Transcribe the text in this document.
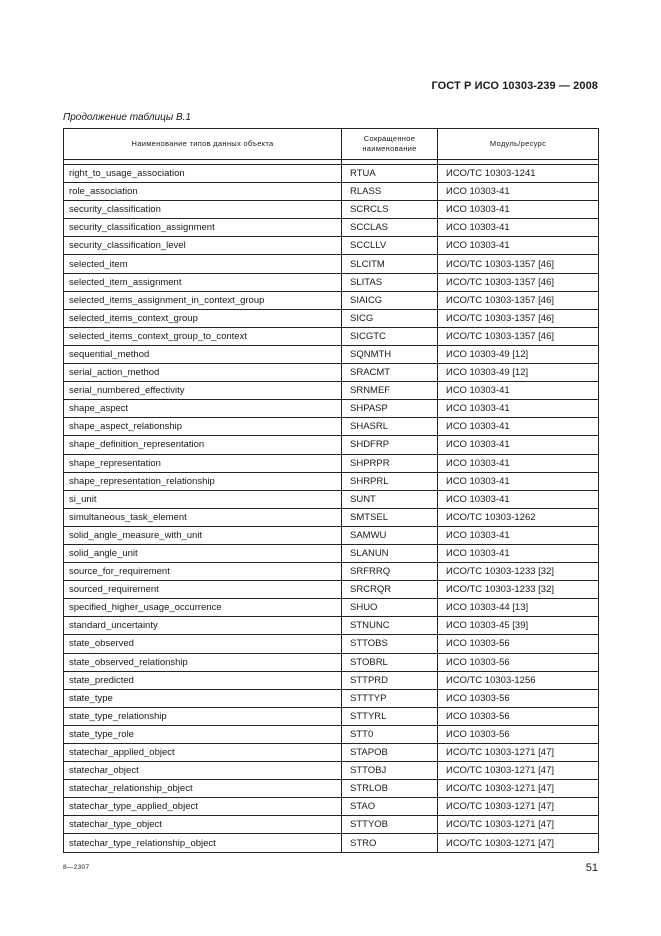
ГОСТ Р ИСО 10303-239 — 2008
Продолжение таблицы В.1
Наименование типов данных объекта	Сокращенное наименование	Модуль/ресурс

right_to_usage_association	RTUA	ИСО/ТС 10303-1241
role_association	RLASS	ИСО 10303-41
security_classification	SCRCLS	ИСО 10303-41
security_classification_assignment	SCCLAS	ИСО 10303-41
security_classification_level	SCCLLV	ИСО 10303-41
selected_item	SLCITM	ИСО/ТС 10303-1357 [46]
selected_item_assignment	SLITAS	ИСО/ТС 10303-1357 [46]
selected_items_assignment_in_context_group	SIAICG	ИСО/ТС 10303-1357 [46]
selected_items_context_group	SICG	ИСО/ТС 10303-1357 [46]
selected_items_context_group_to_context	SICGTC	ИСО/ТС 10303-1357 [46]
sequential_method	SQNMTH	ИСО 10303-49 [12]
serial_action_method	SRACMT	ИСО 10303-49 [12]
serial_numbered_effectivity	SRNMEF	ИСО 10303-41
shape_aspect	SHPASP	ИСО 10303-41
shape_aspect_relationship	SHASRL	ИСО 10303-41
shape_definition_representation	SHDFRP	ИСО 10303-41
shape_representation	SHPRPR	ИСО 10303-41
shape_representation_relationship	SHRPRL	ИСО 10303-41
si_unit	SUNT	ИСО 10303-41
simultaneous_task_element	SMTSEL	ИСО/ТС 10303-1262
solid_angle_measure_with_unit	SAMWU	ИСО 10303-41
solid_angle_unit	SLANUN	ИСО 10303-41
source_for_requirement	SRFRRQ	ИСО/ТС 10303-1233 [32]
sourced_requirement	SRCRQR	ИСО/ТС 10303-1233 [32]
specified_higher_usage_occurrence	SHUO	ИСО 10303-44 [13]
standard_uncertainty	STNUNC	ИСО 10303-45 [39]
state_observed	STTOBS	ИСО 10303-56
state_observed_relationship	STOBRL	ИСО 10303-56
state_predicted	STTPRD	ИСО/ТС 10303-1256
state_type	STTTYP	ИСО 10303-56
state_type_relationship	STTYRL	ИСО 10303-56
state_type_role	STT0	ИСО 10303-56
statechar_applied_object	STAPOB	ИСО/ТС 10303-1271 [47]
statechar_object	STTOBJ	ИСО/ТС 10303-1271 [47]
statechar_relationship_object	STRLOB	ИСО/ТС 10303-1271 [47]
statechar_type_applied_object	STAO	ИСО/ТС 10303-1271 [47]
statechar_type_object	STTYOB	ИСО/ТС 10303-1271 [47]
statechar_type_relationship_object	STRO	ИСО/ТС 10303-1271 [47]
8—2307	51
